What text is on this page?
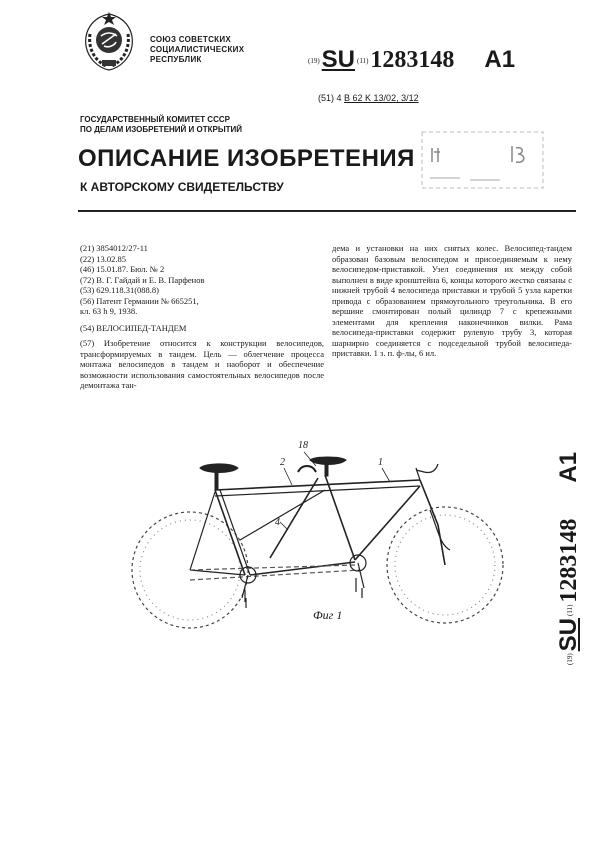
СОЮЗ СОВЕТСКИХ
СОЦИАЛИСТИЧЕСКИХ
РЕСПУБЛИК	(19)SU (11)1283148 A1
(51) 4 B 62 K 13/02, 3/12
ГОСУДАРСТВЕННЫЙ КОМИТЕТ СССР
ПО ДЕЛАМ ИЗОБРЕТЕНИЙ И ОТКРЫТИЙ
ОПИСАНИЕ ИЗОБРЕТЕНИЯ
К АВТОРСКОМУ СВИДЕТЕЛЬСТВУ
(21) 3854012/27-11
(22) 13.02.85
(46) 15.01.87. Бюл. № 2
(72) В. Г. Гайдай и Е. В. Парфенов
(53) 629.118.31(088.8)
(56) Патент Германии № 665251,
кл. 63 h 9, 1938.
(54) ВЕЛОСИПЕД-ТАНДЕМ
(57) Изобретение относится к конструкции велосипедов, трансформируемых в тандем. Цель — облегчение процесса монтажа велосипедов в тандем и наоборот и обеспечение возможности использования самостоятельных велосипедов после демонтажа тан-
дема и установки на них снятых колес. Велосипед-тандем образован базовым велосипедом и присоединяемым к нему велосипедом-приставкой. Узел соединения их между собой выполнен в виде кронштейна 6, концы которого жестко связаны с нижней трубой 4 велосипеда приставки и трубой 5 узла каретки привода с образованием прямоугольного треугольника. В его вершине смонтирован полый цилиндр 7 с крепежными элементами для крепления наконечников вилки. Рама велосипеда-приставки содержит рулевую трубу 3, которая шарнирно соединяется с подседельной трубой велосипеда-приставки. 1 з. п. ф-лы, 6 ил.
(19)SU(11)1283148A1
2	1
18
4
Фиг 1
